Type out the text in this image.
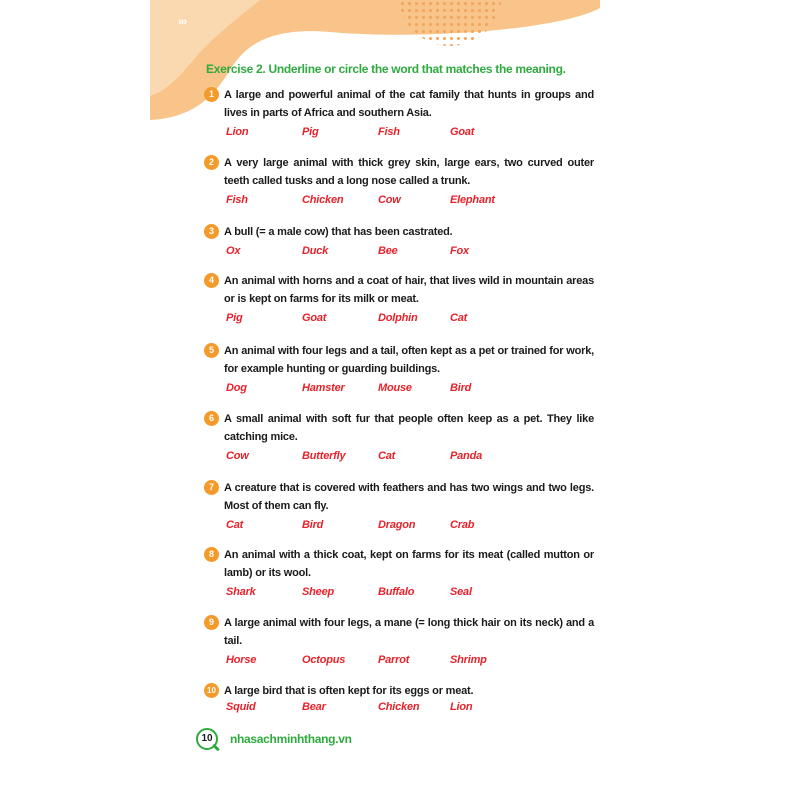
›››
Exercise 2. Underline or circle the word that matches the meaning.
1 A large and powerful animal of the cat family that hunts in groups and lives in parts of Africa and southern Asia.
Lion	Pig	Fish	Goat
2 A very large animal with thick grey skin, large ears, two curved outer teeth called tusks and a long nose called a trunk.
Fish	Chicken	Cow	Elephant
3 A bull (= a male cow) that has been castrated.
Ox	Duck	Bee	Fox
4 An animal with horns and a coat of hair, that lives wild in mountain areas or is kept on farms for its milk or meat.
Pig	Goat	Dolphin	Cat
5 An animal with four legs and a tail, often kept as a pet or trained for work, for example hunting or guarding buildings.
Dog	Hamster	Mouse	Bird
6 A small animal with soft fur that people often keep as a pet. They like catching mice.
Cow	Butterfly	Cat	Panda
7 A creature that is covered with feathers and has two wings and two legs. Most of them can fly.
Cat	Bird	Dragon	Crab
8 An animal with a thick coat, kept on farms for its meat (called mutton or lamb) or its wool.
Shark	Sheep	Buffalo	Seal
9 A large animal with four legs, a mane (= long thick hair on its neck) and a tail.
Horse	Octopus	Parrot	Shrimp
10 A large bird that is often kept for its eggs or meat.
Squid	Bear	Chicken	Lion
10	nhasachminhthang.vn
